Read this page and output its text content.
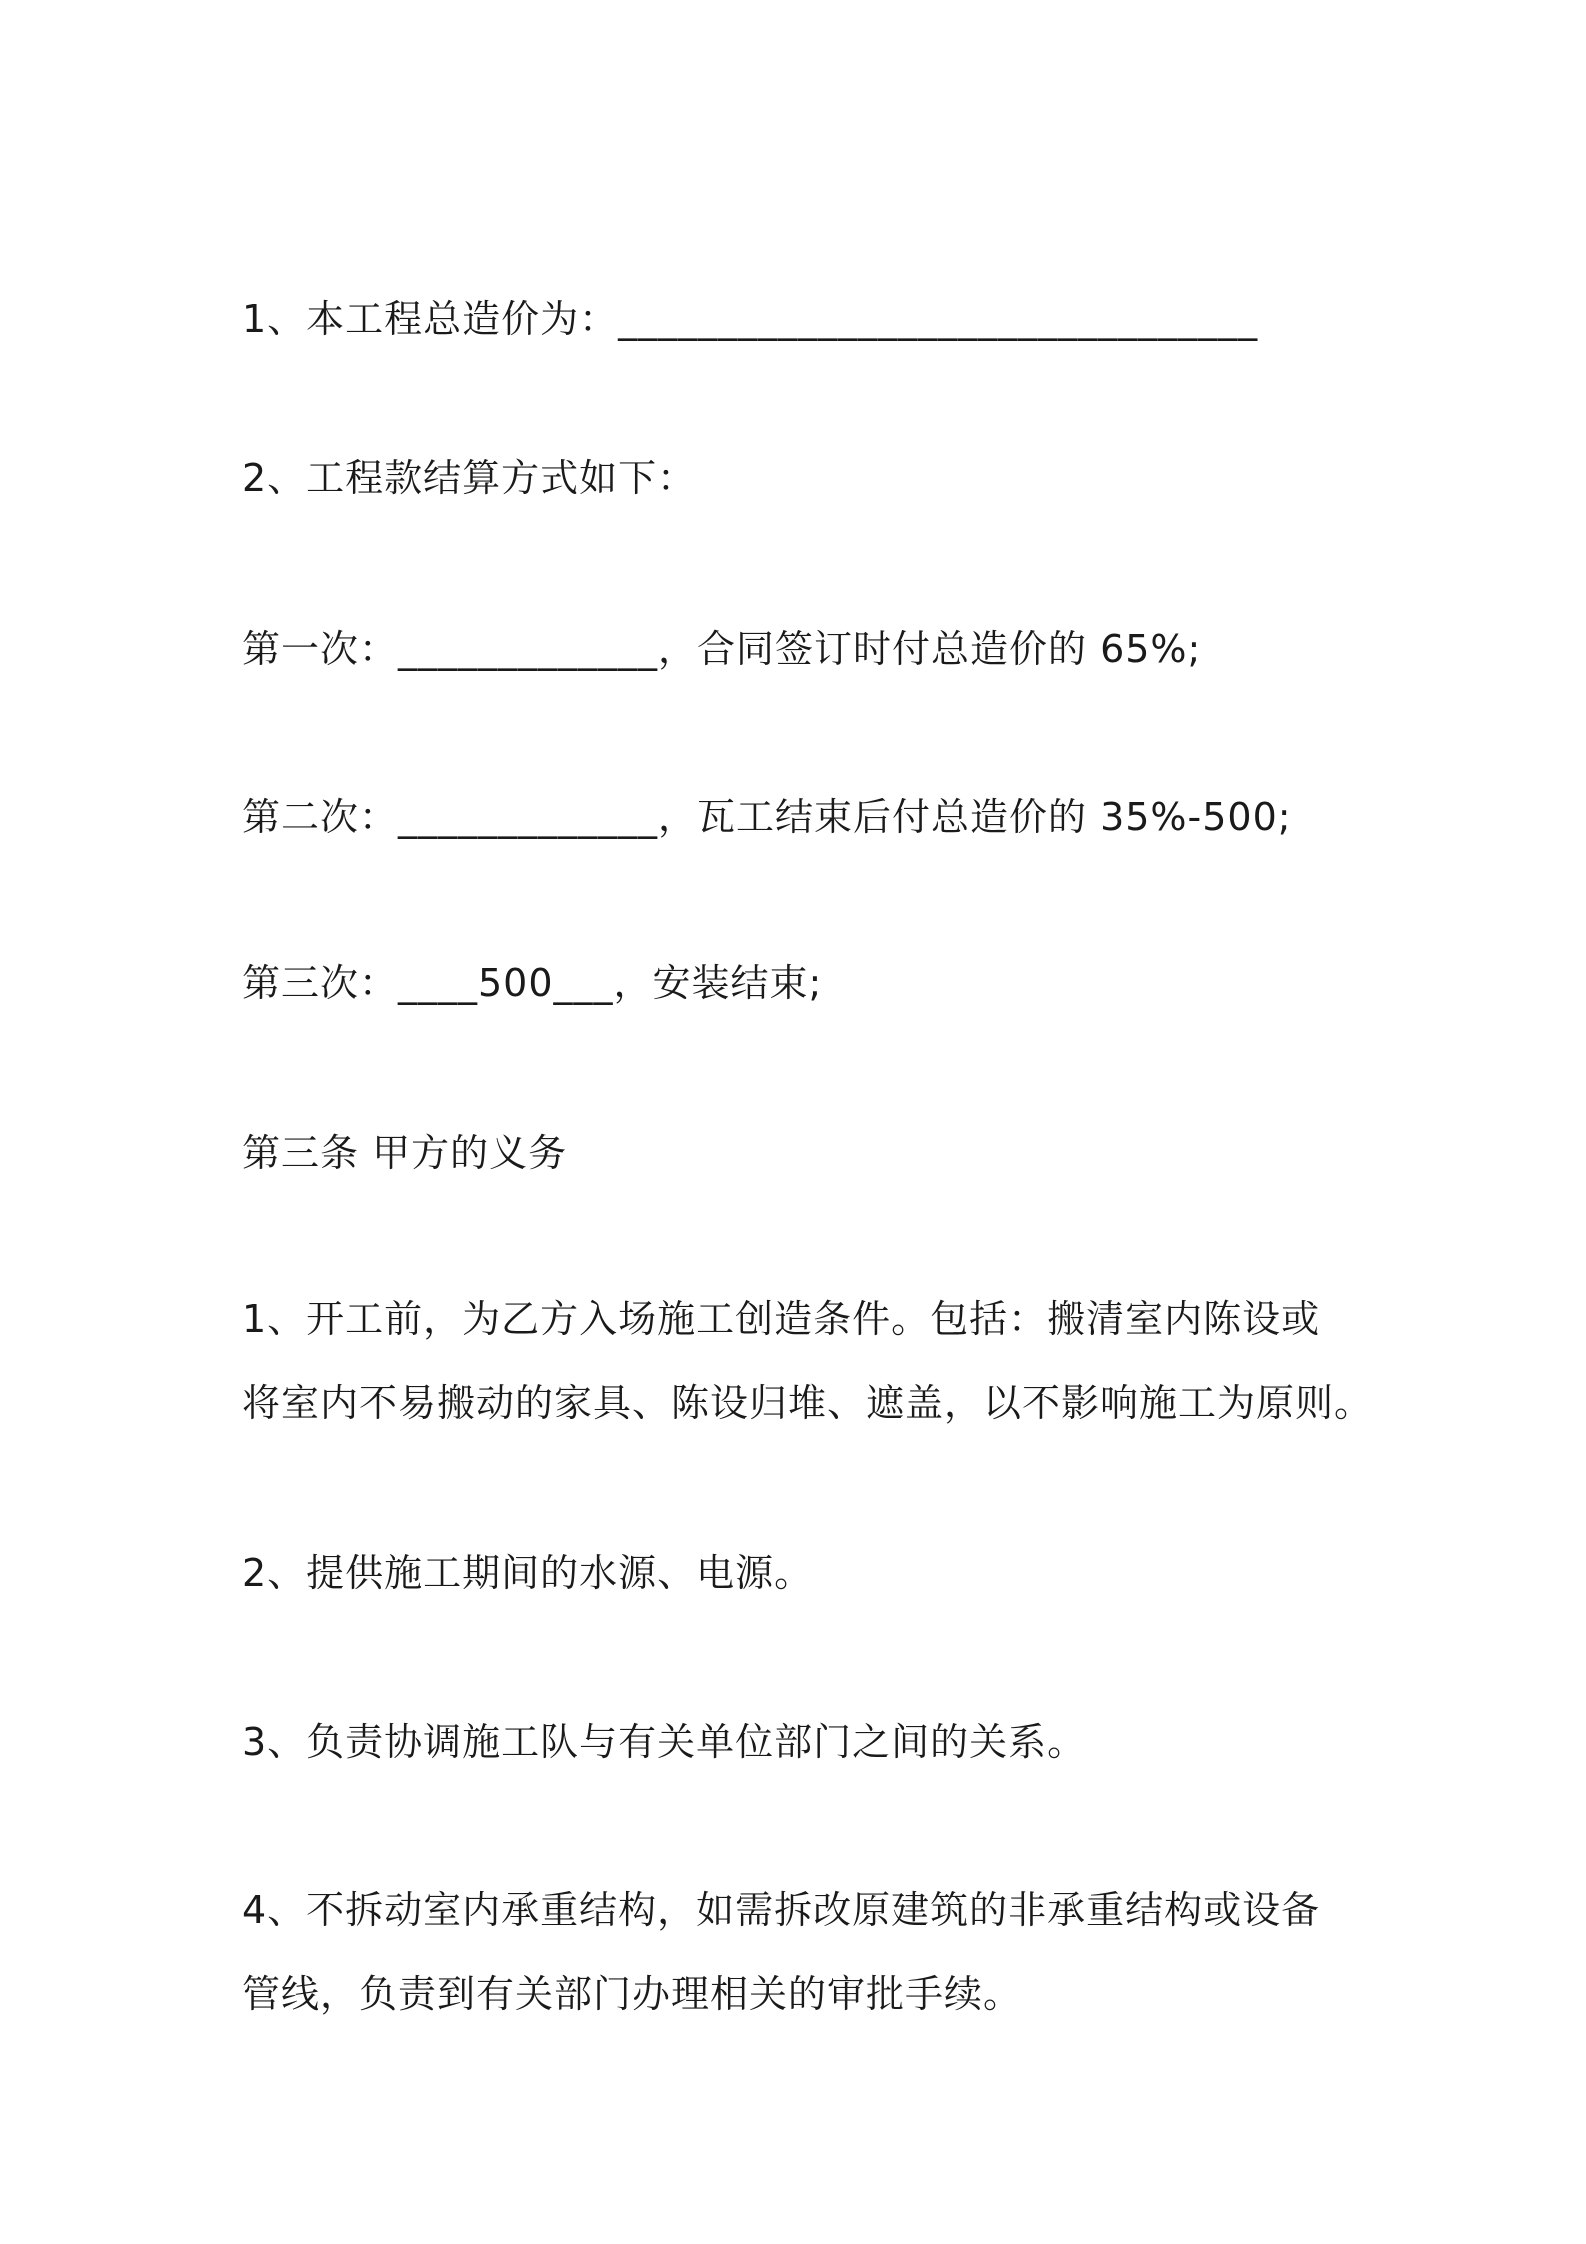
1、本工程总造价为：________________________________

2、工程款结算方式如下：

第一次：_____________，合同签订时付总造价的 65%;

第二次：_____________，瓦工结束后付总造价的 35%-500;

第三次：____500___，安装结束;

第三条 甲方的义务

1、开工前，为乙方入场施工创造条件。包括：搬清室内陈设或

将室内不易搬动的家具、陈设归堆、遮盖，以不影响施工为原则。

2、提供施工期间的水源、电源。

3、负责协调施工队与有关单位部门之间的关系。

4、不拆动室内承重结构，如需拆改原建筑的非承重结构或设备

管线，负责到有关部门办理相关的审批手续。
